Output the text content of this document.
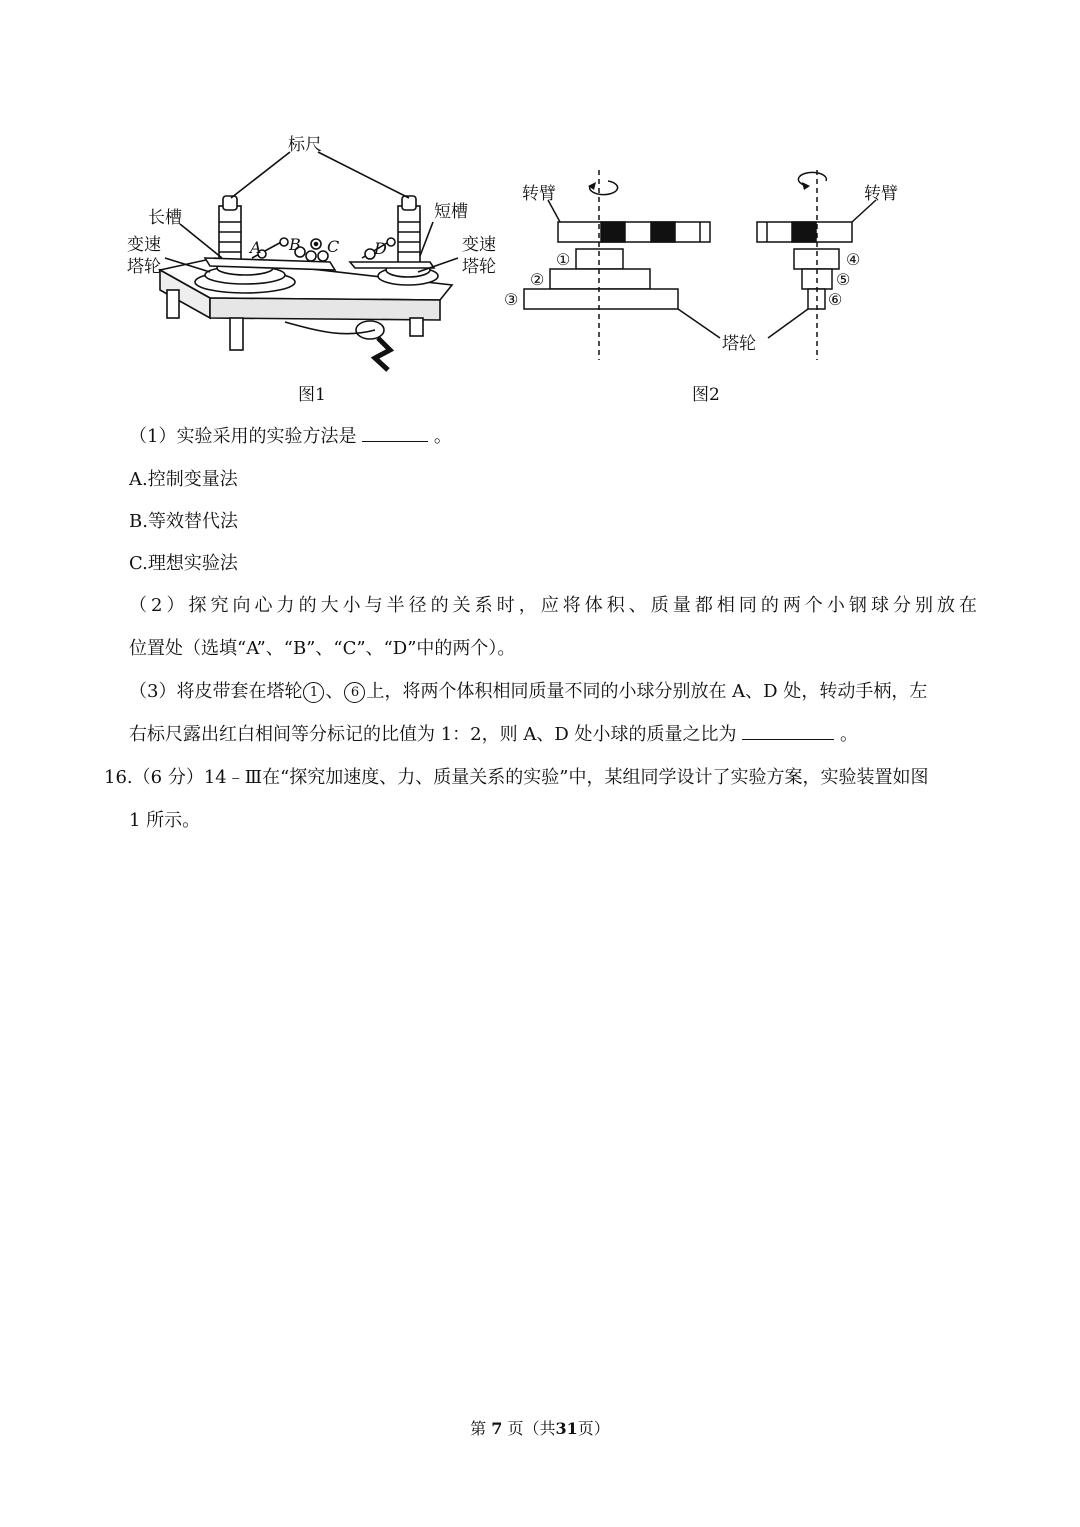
标尺
长槽	短槽
变速
塔轮
变速
塔轮
A B C D
图1
转臂	转臂
塔轮
①
②
③
④
⑤
⑥
图2
（1）实验采用的实验方法是	。
A.控制变量法
B.等效替代法
C.理想实验法
（2）探究向心力的大小与半径的关系时，应将体积、质量都相同的两个小钢球分别放在
位置处（选填“A”、“B”、“C”、“D”中的两个）。
（3）将皮带套在塔轮 1 、 6 上，将两个体积相同质量不同的小球分别放在 A、D 处，转动手柄，左
右标尺露出红白相间等分标记的比值为 1：2，则 A、D 处小球的质量之比为	。
16.（6 分）14﹣Ⅲ在“探究加速度、力、质量关系的实验”中，某组同学设计了实验方案，实验装置如图
1 所示。
第 7 页（共31页）
